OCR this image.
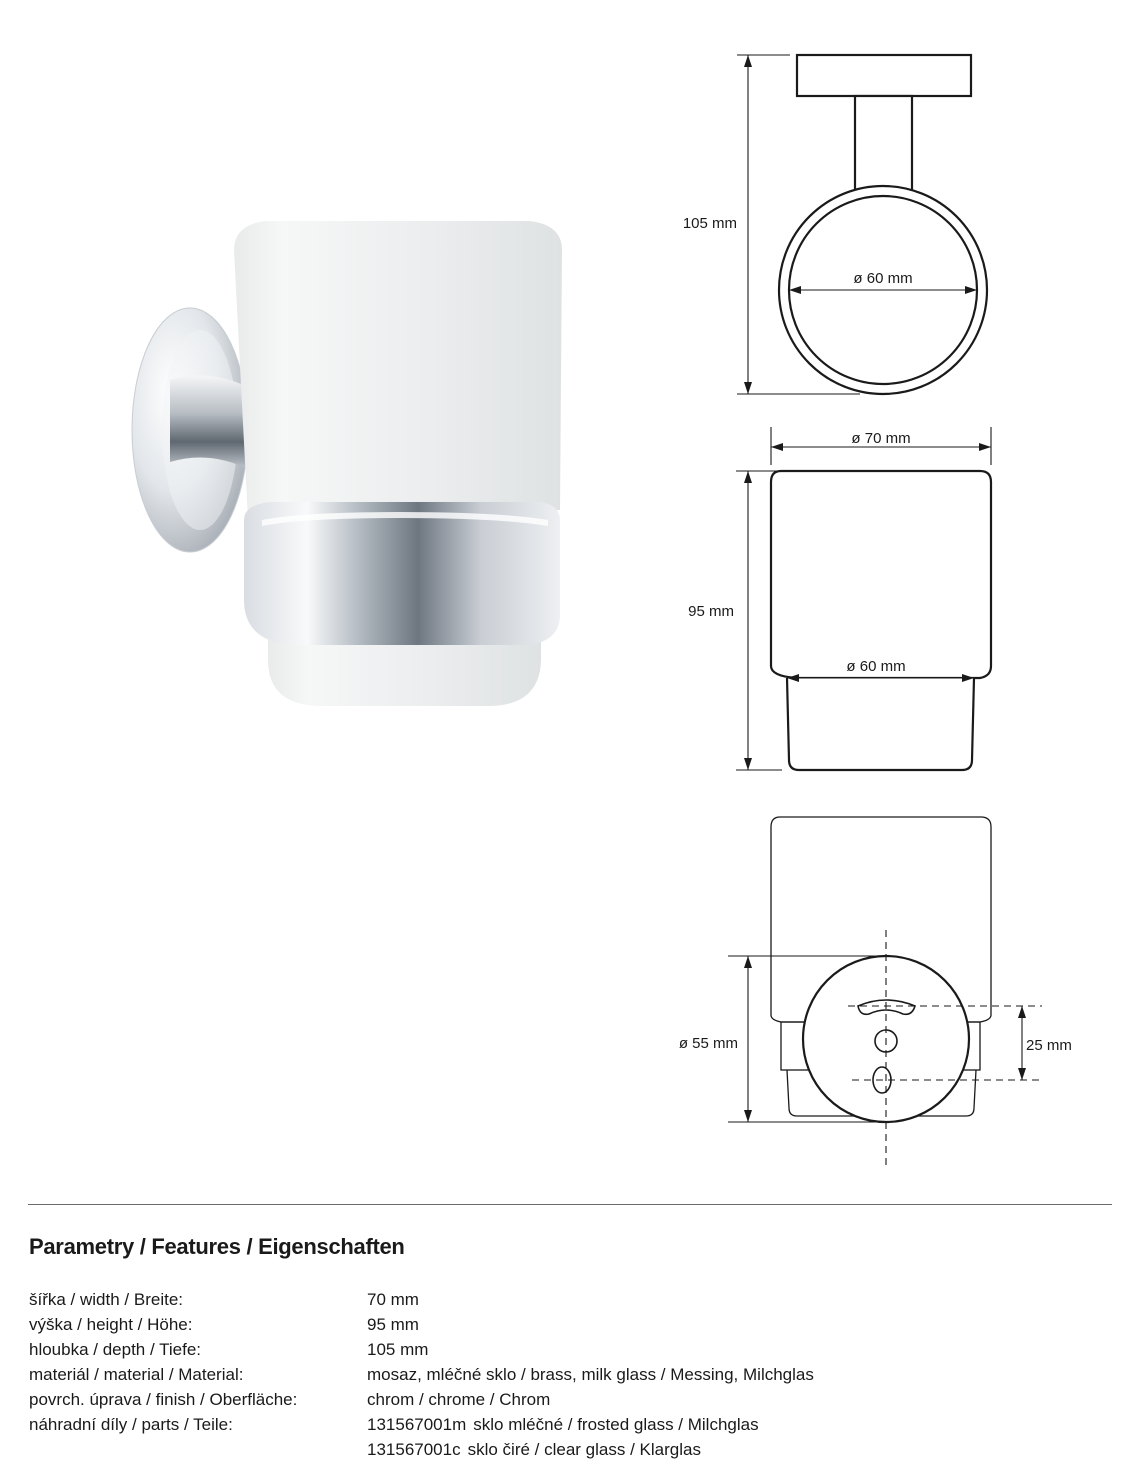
105 mm
ø 60 mm
ø 70 mm
95 mm
ø 60 mm
ø 55 mm	25 mm
Parametry / Features / Eigenschaften
šířka / width / Breite:	70 mm
výška / height / Höhe:	95 mm
hloubka / depth / Tiefe:	105 mm
materiál / material / Material:	mosaz, mléčné sklo / brass, milk glass / Messing, Milchglas
povrch. úprava / finish / Oberfläche:	chrom / chrome / Chrom
náhradní díly / parts / Teile:	131567001m sklo mléčné / frosted glass / Milchglas
131567001c sklo čiré / clear glass / Klarglas
